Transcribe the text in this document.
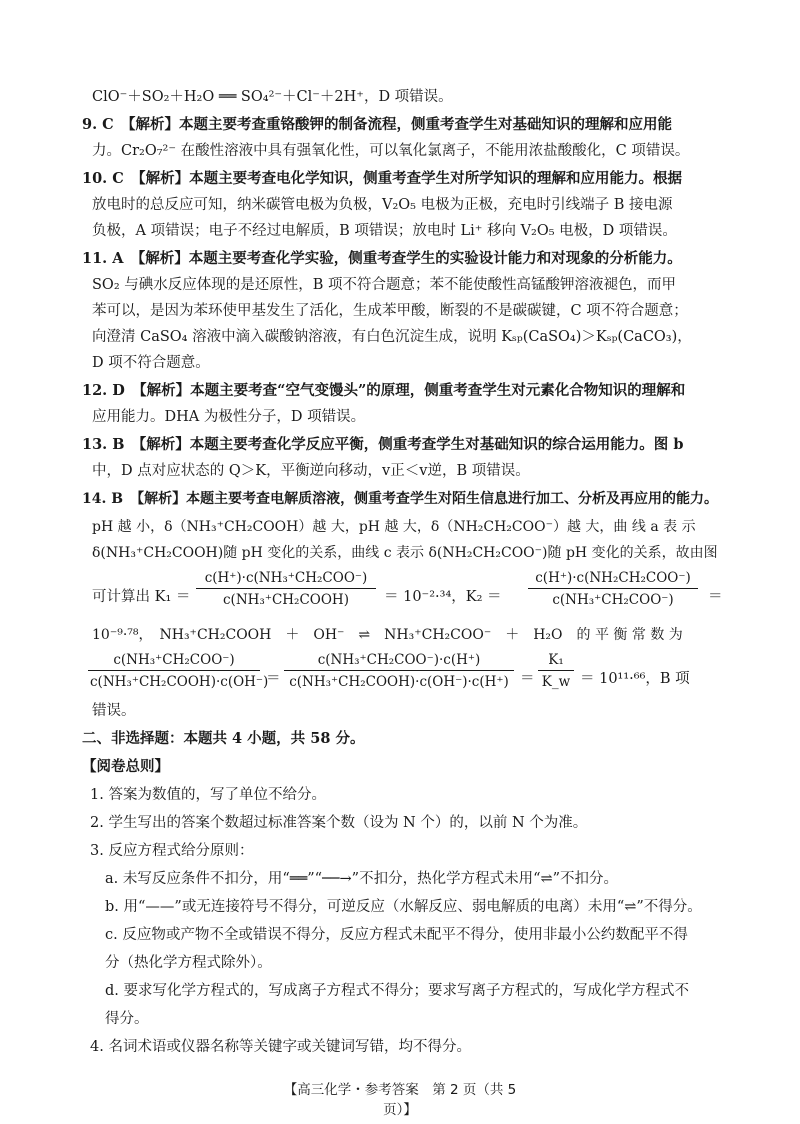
ClO⁻＋SO₂＋H₂O ══ SO₄²⁻＋Cl⁻＋2H⁺，D 项错误。
9. C　【解析】本题主要考查重铬酸钾的制备流程，侧重考查学生对基础知识的理解和应用能
力。Cr₂O₇²⁻ 在酸性溶液中具有强氧化性，可以氧化氯离子，不能用浓盐酸酸化，C 项错误。
10. C　【解析】本题主要考查电化学知识，侧重考查学生对所学知识的理解和应用能力。根据
放电时的总反应可知，纳米碳管电极为负极，V₂O₅ 电极为正极，充电时引线端子 B 接电源
负极，A 项错误；电子不经过电解质，B 项错误；放电时 Li⁺ 移向 V₂O₅ 电极，D 项错误。
11. A　【解析】本题主要考查化学实验，侧重考查学生的实验设计能力和对现象的分析能力。
SO₂ 与碘水反应体现的是还原性，B 项不符合题意；苯不能使酸性高锰酸钾溶液褪色，而甲
苯可以，是因为苯环使甲基发生了活化，生成苯甲酸，断裂的不是碳碳键，C 项不符合题意；
向澄清 CaSO₄ 溶液中滴入碳酸钠溶液，有白色沉淀生成，说明 Kₛₚ(CaSO₄)＞Kₛₚ(CaCO₃)，
D 项不符合题意。
12. D　【解析】本题主要考查“空气变馒头”的原理，侧重考查学生对元素化合物知识的理解和
应用能力。DHA 为极性分子，D 项错误。
13. B　【解析】本题主要考查化学反应平衡，侧重考查学生对基础知识的综合运用能力。图 b
中，D 点对应状态的 Q＞K，平衡逆向移动，v正＜v逆，B 项错误。
14. B　【解析】本题主要考查电解质溶液，侧重考查学生对陌生信息进行加工、分析及再应用的能力。
pH 越 小，δ（NH₃⁺CH₂COOH）越 大，pH 越 大，δ（NH₂CH₂COO⁻）越 大，曲 线 a 表 示
δ(NH₃⁺CH₂COOH)随 pH 变化的关系，曲线 c 表示 δ(NH₂CH₂COO⁻)随 pH 变化的关系，故由图
可计算出 K₁ ＝
c(H⁺)·c(NH₃⁺CH₂COO⁻)
c(NH₃⁺CH₂COOH)	＝ 10⁻²·³⁴，K₂ ＝
c(H⁺)·c(NH₂CH₂COO⁻)
c(NH₃⁺CH₂COO⁻)	＝
10⁻⁹·⁷⁸，　NH₃⁺CH₂COOH　＋　OH⁻　⇌　NH₃⁺CH₂COO⁻　＋　H₂O　的 平 衡 常 数 为
c(NH₃⁺CH₂COO⁻)
c(NH₃⁺CH₂COOH)·c(OH⁻)
＝
c(NH₃⁺CH₂COO⁻)·c(H⁺)
c(NH₃⁺CH₂COOH)·c(OH⁻)·c(H⁺) ＝ $\frac{\text{K₁}}{K\_w} = 10^{11}\cdot^{66}$，B 项
错误。
二、非选择题：本题共 4 小题，共 58 分。
【阅卷总则】
1. 答案为数值的，写了单位不给分。
2. 学生写出的答案个数超过标准答案个数（设为 N 个）的，以前 N 个为准。
3. 反应方程式给分原则：
a. 未写反应条件不扣分，用“══”“──→”不扣分，热化学方程式未用“⇌”不扣分。
b. 用“——”或无连接符号不得分，可逆反应（水解反应、弱电解质的电离）未用“⇌”不得分。
c. 反应物或产物不全或错误不得分，反应方程式未配平不得分，使用非最小公约数配平不得
分（热化学方程式除外）。
d. 要求写化学方程式的，写成离子方程式不得分；要求写离子方程式的，写成化学方程式不
得分。
4. 名词术语或仪器名称等关键字或关键词写错，均不得分。
【高三化学・参考答案　第 2 页（共 5 页）】
